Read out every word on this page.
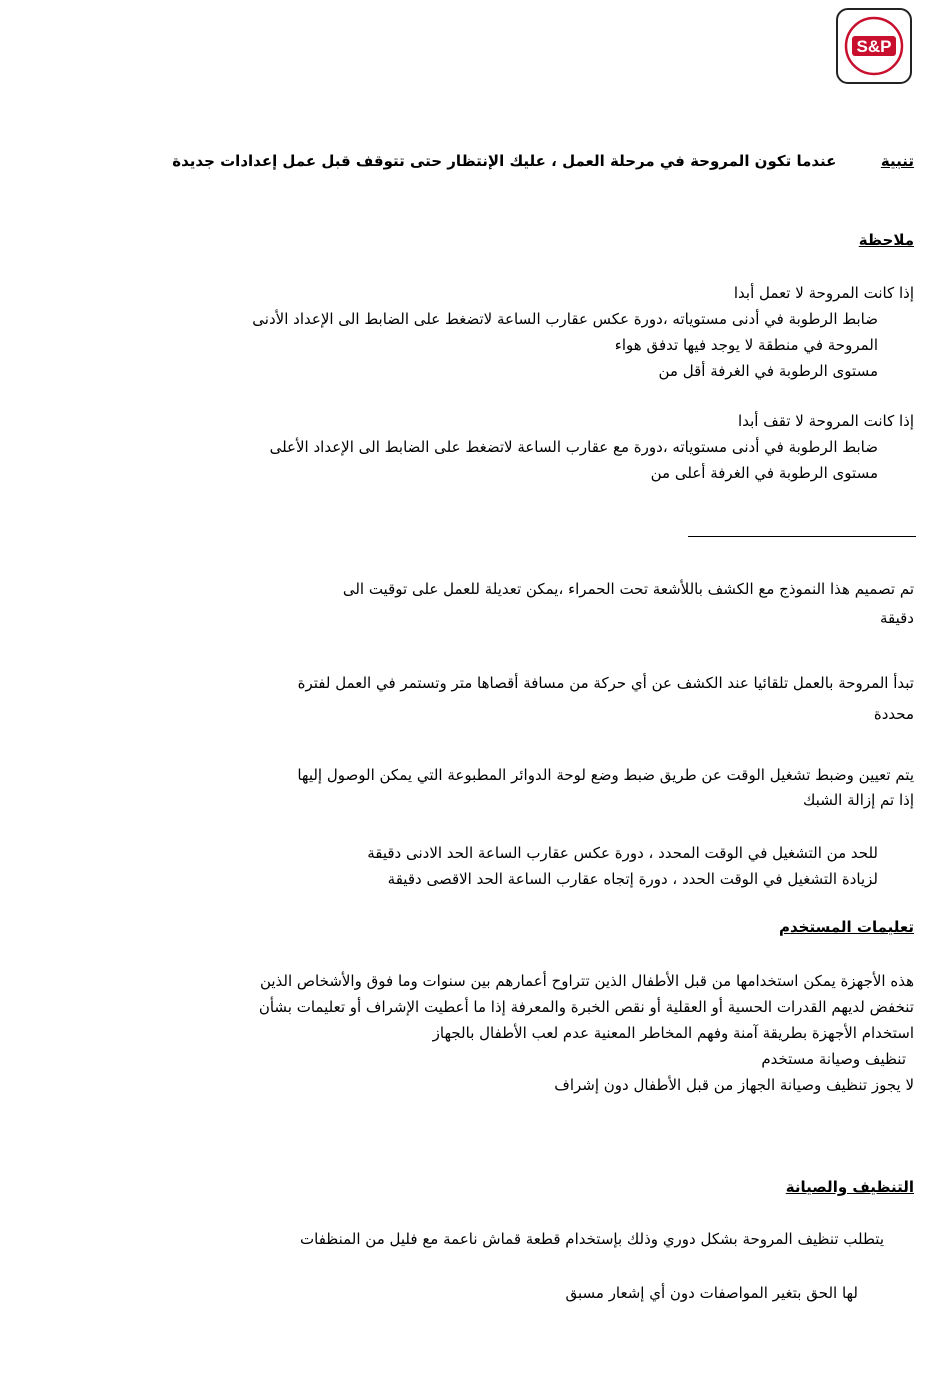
S&P
تنبية  عندما تكون المروحة في مرحلة العمل ، عليك الإنتظار حتى تتوقف قبل عمل إعدادات جديدة
ملاحظة
إذا كانت المروحة لا تعمل أبدا
ضابط الرطوبة في أدنى مستوياته ،دورة عكس عقارب الساعة لاتضغط على الضابط الى الإعداد الأدنى
المروحة في منطقة لا يوجد فيها تدفق هواء
مستوى الرطوبة في الغرفة أقل من
إذا كانت المروحة لا تقف أبدا
ضابط الرطوبة في أدنى مستوياته ،دورة مع عقارب الساعة لاتضغط على الضابط الى الإعداد الأعلى
مستوى الرطوبة في الغرفة أعلى من
تم تصميم هذا النموذج مع الكشف باللأشعة تحت الحمراء ،يمكن تعديلة للعمل على توقيت الى
دقيقة
تبدأ المروحة بالعمل تلقائيا عند الكشف عن أي حركة من مسافة أقصاها متر وتستمر في العمل لفترة
محددة
يتم تعيين وضبط تشغيل الوقت عن طريق ضبط وضع لوحة الدوائر المطبوعة التي يمكن الوصول إليها
إذا تم إزالة الشبك
للحد من التشغيل في الوقت المحدد ، دورة عكس عقارب الساعة الحد الادنى دقيقة
لزيادة التشغيل في الوقت الحدد ، دورة إتجاه عقارب الساعة الحد الاقصى دقيقة
تعليمات المستخدم
هذه الأجهزة يمكن استخدامها من قبل الأطفال الذين تتراوح أعمارهم بين سنوات وما فوق والأشخاص الذين
تنخفض لديهم القدرات الحسية أو العقلية أو نقص الخبرة والمعرفة إذا ما أعطيت الإشراف أو تعليمات بشأن
استخدام الأجهزة بطريقة آمنة وفهم المخاطر المعنية عدم لعب الأطفال بالجهاز
تنظيف وصيانة مستخدم
لا يجوز تنظيف وصيانة الجهاز من قبل الأطفال دون إشراف
التنظيف والصيانة
يتطلب تنظيف المروحة بشكل دوري وذلك بإستخدام قطعة قماش ناعمة مع فليل من المنظفات
لها الحق بتغير المواصفات دون أي إشعار مسبق
